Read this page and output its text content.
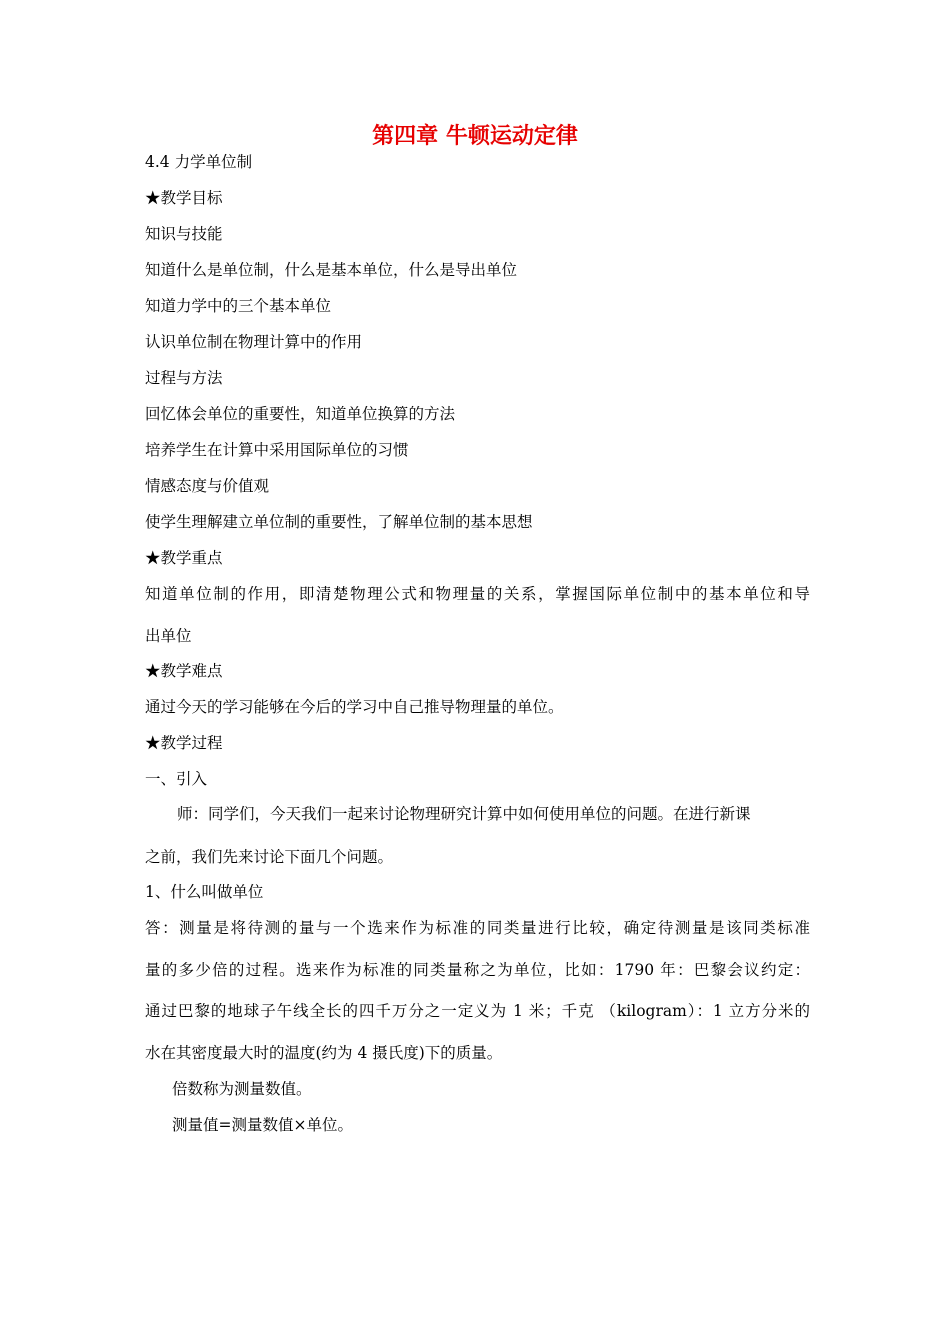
第四章 牛顿运动定律
4.4 力学单位制
★教学目标
知识与技能
知道什么是单位制，什么是基本单位，什么是导出单位
知道力学中的三个基本单位
认识单位制在物理计算中的作用
过程与方法
回忆体会单位的重要性，知道单位换算的方法
培养学生在计算中采用国际单位的习惯
情感态度与价值观
使学生理解建立单位制的重要性，了解单位制的基本思想
★教学重点
知道单位制的作用，即清楚物理公式和物理量的关系，掌握国际单位制中的基本单位和导
出单位
★教学难点
通过今天的学习能够在今后的学习中自己推导物理量的单位。
★教学过程
一、引入
师：同学们，今天我们一起来讨论物理研究计算中如何使用单位的问题。在进行新课
之前，我们先来讨论下面几个问题。
1、什么叫做单位
答：测量是将待测的量与一个选来作为标准的同类量进行比较，确定待测量是该同类标准
量的多少倍的过程。选来作为标准的同类量称之为单位，比如：1790 年：巴黎会议约定：
通过巴黎的地球子午线全长的四千万分之一定义为 1 米；千克 （kilogram）：1 立方分米的
水在其密度最大时的温度(约为 4 摄氏度)下的质量。
倍数称为测量数值。
测量值=测量数值×单位。
